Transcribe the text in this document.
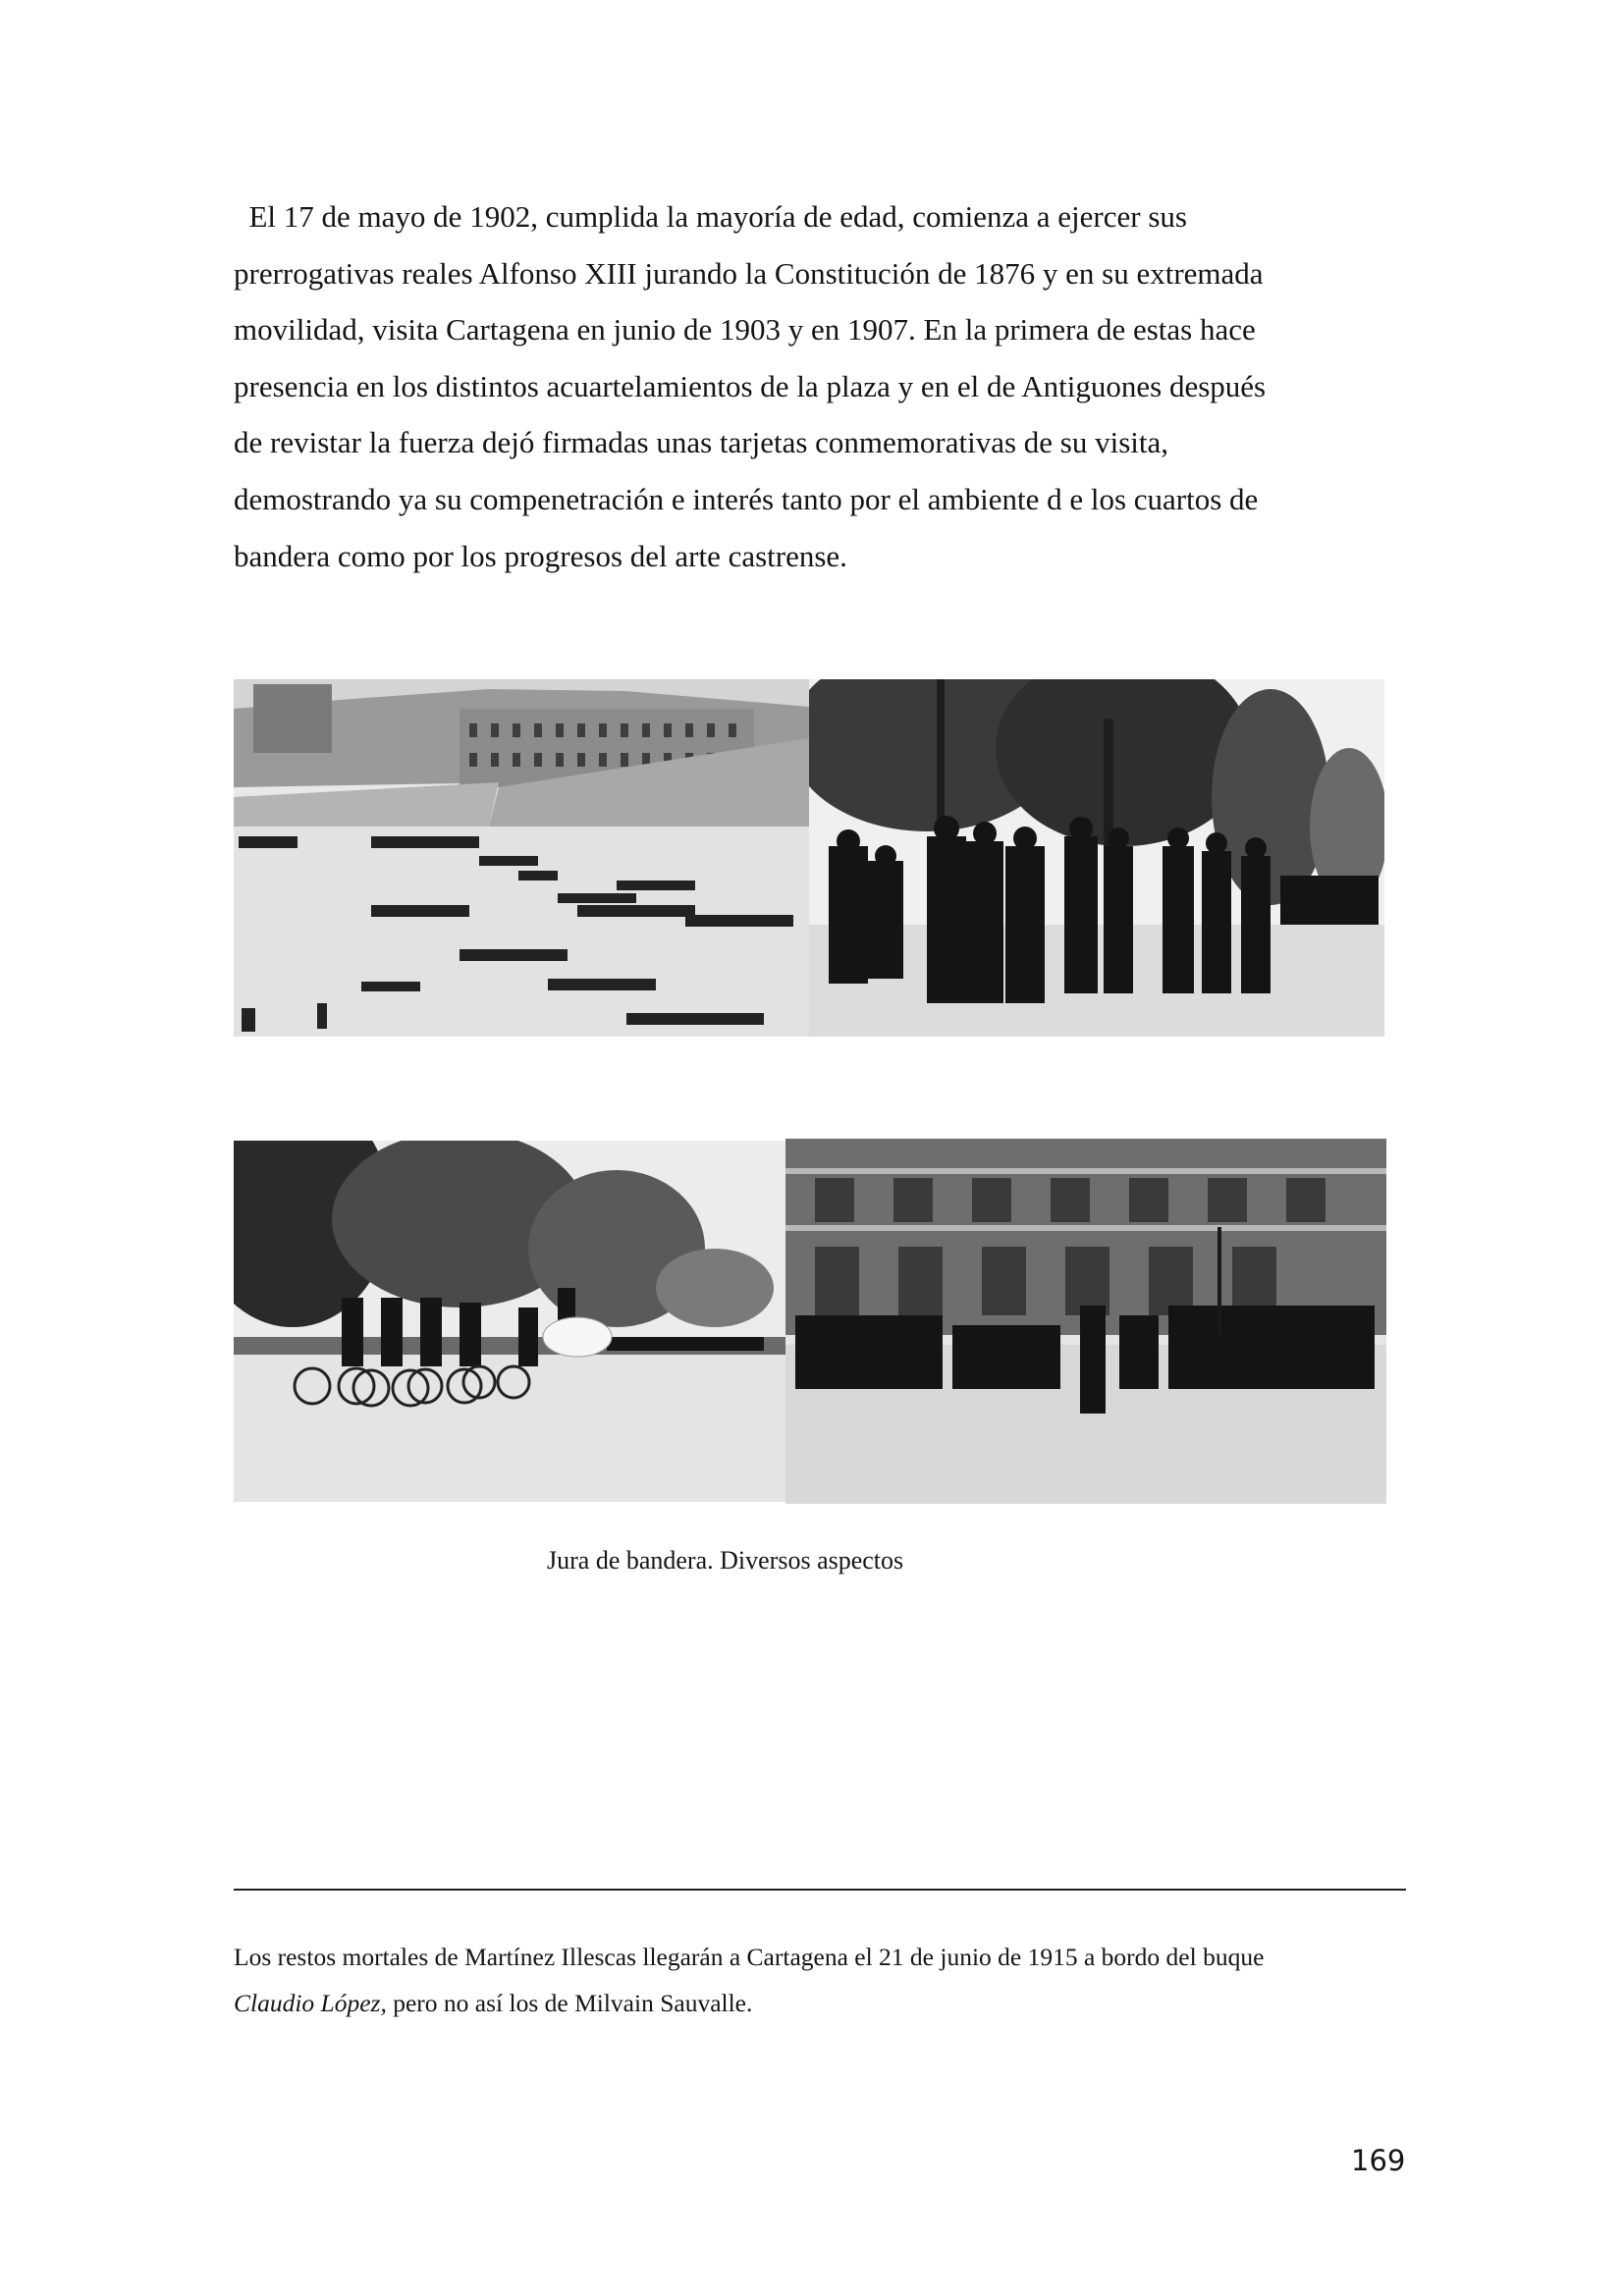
El 17 de mayo de 1902, cumplida la mayoría de edad, comienza a ejercer sus
prerrogativas reales Alfonso XIII jurando la Constitución de 1876 y en su extremada
movilidad, visita Cartagena en junio de 1903 y en 1907. En la primera de estas hace
presencia en los distintos acuartelamientos de la plaza y en el de Antiguones después
de revistar la fuerza dejó firmadas unas tarjetas conmemorativas de su visita,
demostrando ya su compenetración e interés tanto por el ambiente d e los cuartos de
bandera como por los progresos del arte castrense.

Jura de bandera. Diversos aspectos

Los restos mortales de Martínez Illescas llegarán a Cartagena el 21 de junio de 1915 a bordo del buque
Claudio López, pero no así los de Milvain Sauvalle.

169
